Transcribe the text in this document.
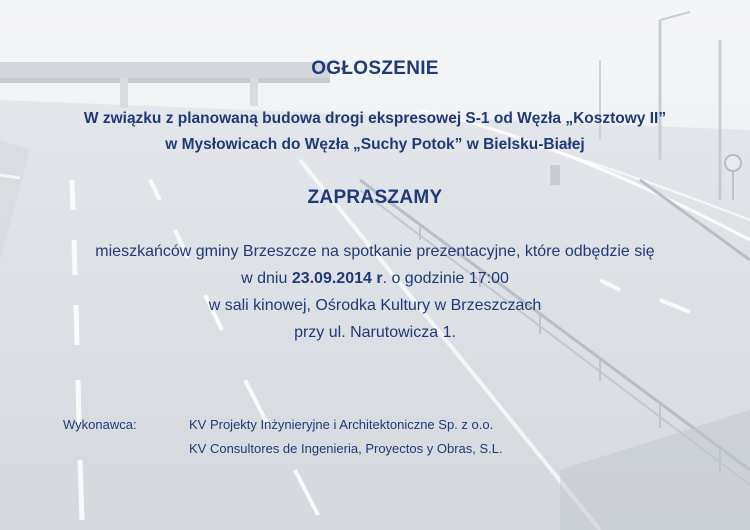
OGŁOSZENIE
W związku z planowaną budowa drogi ekspresowej S-1 od Węzła „Kosztowy II”
w Mysłowicach do Węzła „Suchy Potok” w Bielsku-Białej
ZAPRASZAMY
mieszkańców gminy Brzeszcze na spotkanie prezentacyjne, które odbędzie się
w dniu 23.09.2014 r. o godzinie 17:00
w sali kinowej, Ośrodka Kultury w Brzeszczach
przy ul. Narutowicza 1.
Wykonawca:	KV Projekty Inżynieryjne i Architektoniczne Sp. z o.o.
KV Consultores de Ingenieria, Proyectos y Obras, S.L.
